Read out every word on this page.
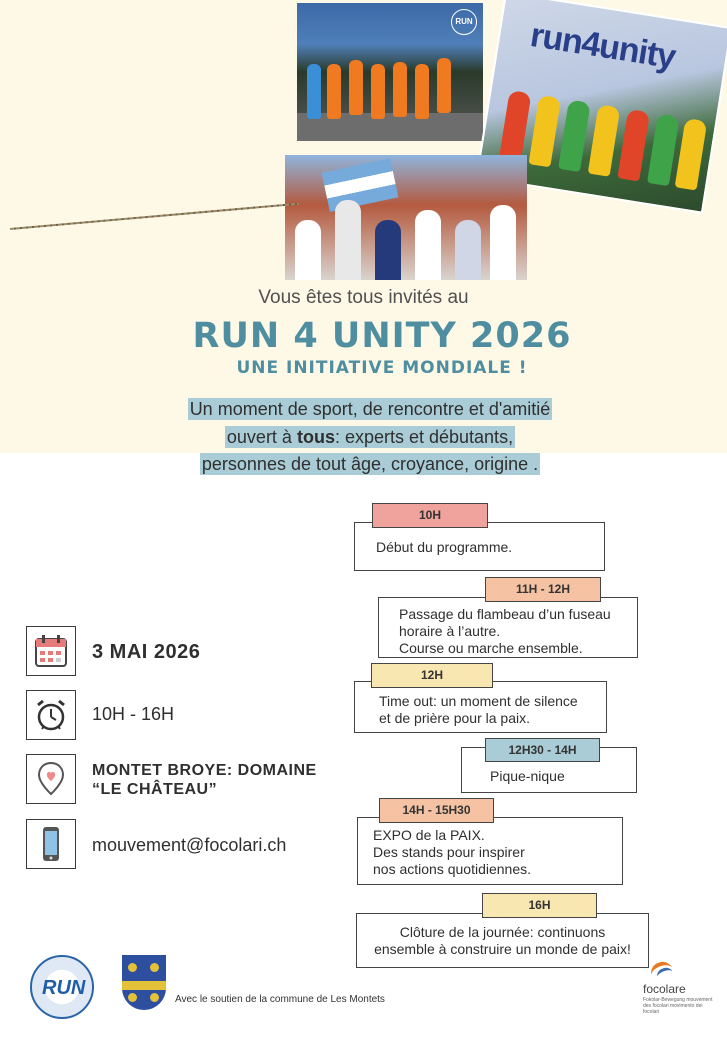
RUN run4unity
Vous êtes tous invités au
RUN 4 UNITY 2026
UNE INITIATIVE MONDIALE !
Un moment de sport, de rencontre et d'amitié
ouvert à tous: experts et débutants,
personnes de tout âge, croyance, origine .
3 MAI 2026
10H - 16H
MONTET BROYE: DOMAINE
“LE CHÂTEAU”
mouvement@focolari.ch
Début du programme.
10H
Passage du flambeau d’un fuseau
horaire à l’autre.
Course ou marche ensemble.
11H - 12H
Time out: un moment de silence
et de prière pour la paix.
12H
Pique-nique
12H30 - 14H
EXPO de la PAIX.
Des stands pour inspirer
nos actions quotidiennes.
14H - 15H30
Clôture de la journée: continuons
ensemble à construire un monde de paix!
16H
RUN
Avec le soutien de la commune de Les Montets
focolare
Fokolar-Bewegung mouvement des focolari movimento dei focolari
